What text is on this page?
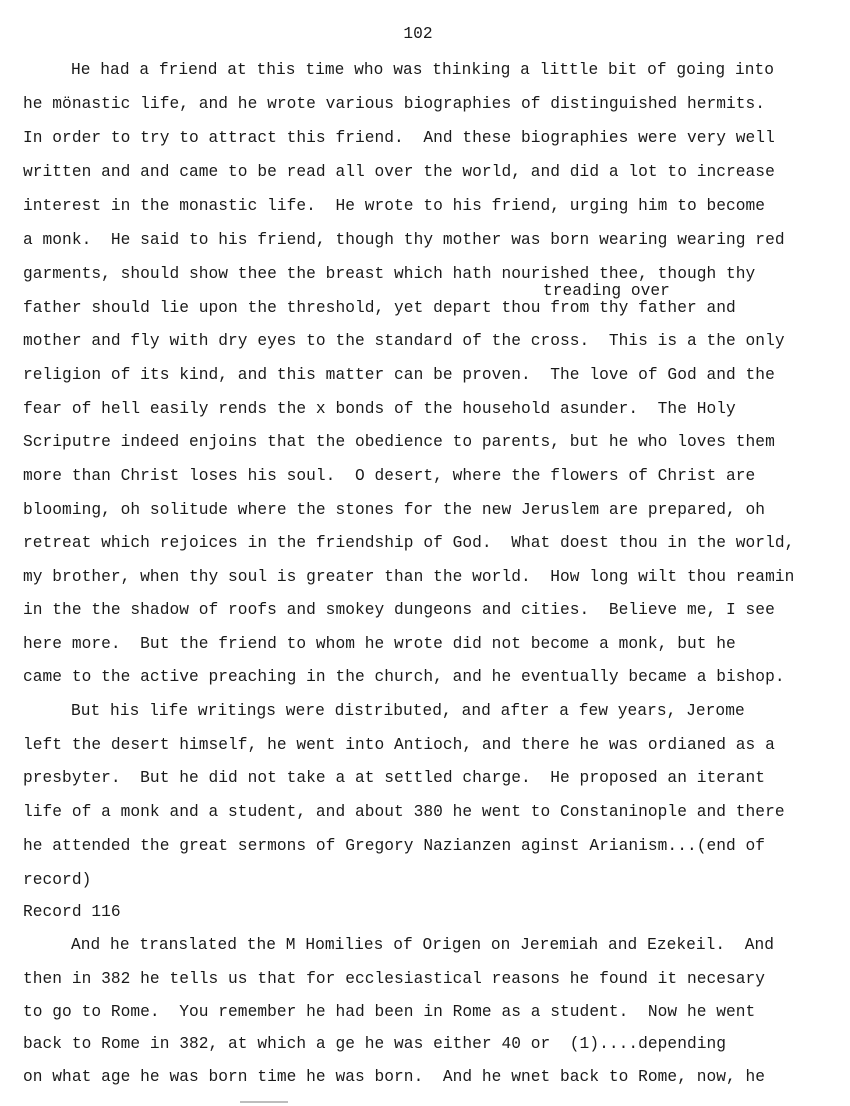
102
He had a friend at this time who was thinking a little bit of going into
he mönastic life, and he wrote various biographies of distinguished hermits.
In order to try to attract this friend.  And these biographies were very well
written and and came to be read all over the world, and did a lot to increase
interest in the monastic life.  He wrote to his friend, urging him to become
a monk.  He said to his friend, though thy mother was born wearing wearing red
garments, should show thee the breast which hath nourished thee, though thy
treading over
father should lie upon the threshold, yet depart thou from thy father and
mother and fly with dry eyes to the standard of the cross.  This is a the only
religion of its kind, and this matter can be proven.  The love of God and the
fear of hell easily rends the x bonds of the household asunder.  The Holy
Scriputre indeed enjoins that the obedience to parents, but he who loves them
more than Christ loses his soul.  O desert, where the flowers of Christ are
blooming, oh solitude where the stones for the new Jeruslem are prepared, oh
retreat which rejoices in the friendship of God.  What doest thou in the world,
my brother, when thy soul is greater than the world.  How long wilt thou reamin
in the the shadow of roofs and smokey dungeons and cities.  Believe me, I see
here more.  But the friend to whom he wrote did not become a monk, but he
came to the active preaching in the church, and he eventually became a bishop.
But his life writings were distributed, and after a few years, Jerome
left the desert himself, he went into Antioch, and there he was ordianed as a
presbyter.  But he did not take a at settled charge.  He proposed an iterant
life of a monk and a student, and about 380 he went to Constaninople and there
he attended the great sermons of Gregory Nazianzen aginst Arianism...(end of
record)
Record 116
And he translated the M Homilies of Origen on Jeremiah and Ezekeil.  And
then in 382 he tells us that for ecclesiastical reasons he found it necesary
to go to Rome.  You remember he had been in Rome as a student.  Now he went
back to Rome in 382, at which a ge he was either 40 or  (1)....depending
on what age he was born time he was born.  And he wnet back to Rome, now, he
